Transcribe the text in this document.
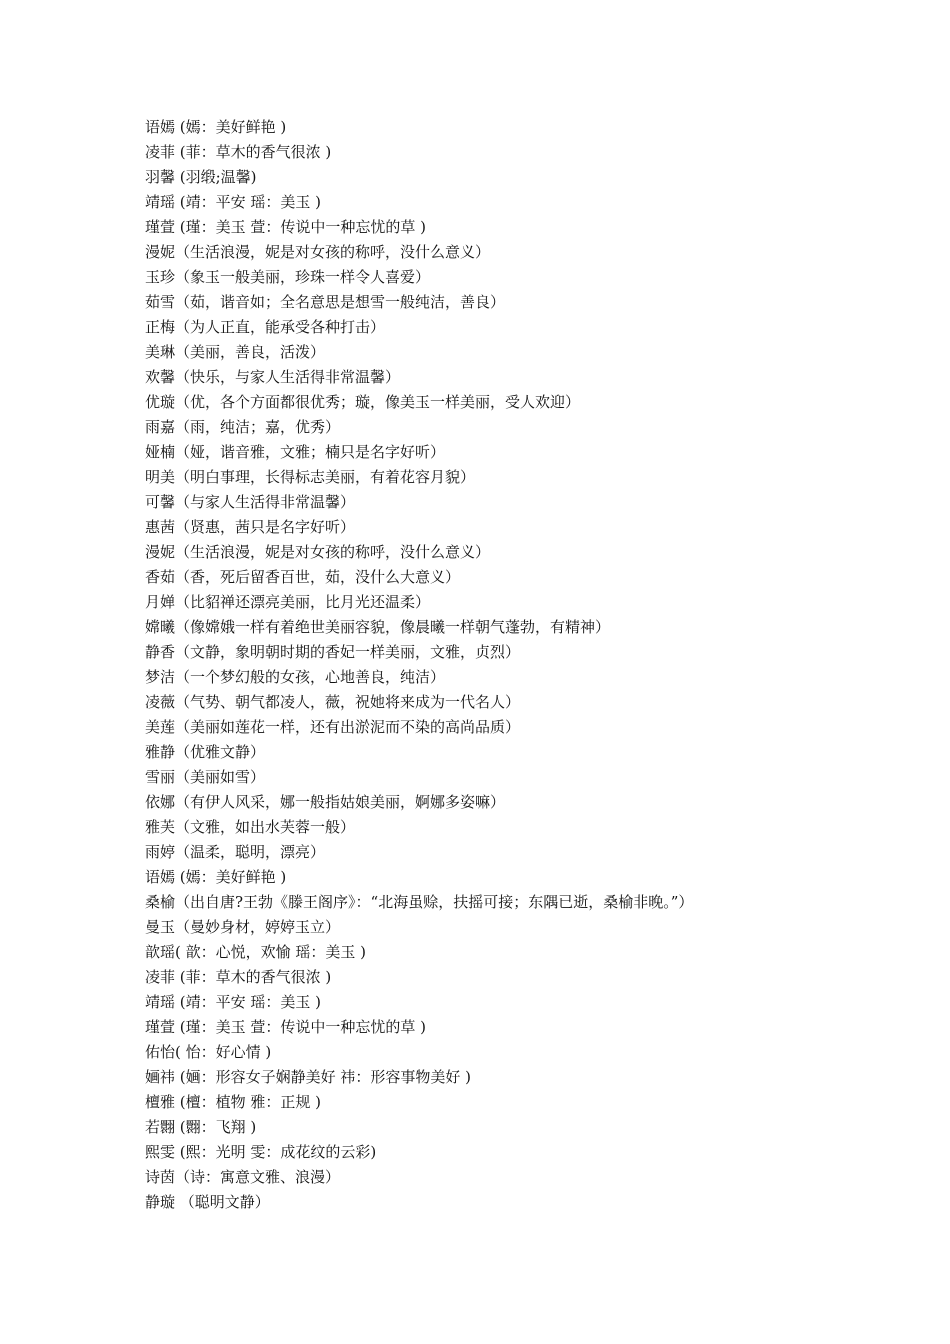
语嫣 (嫣：美好鲜艳 )
凌菲 (菲：草木的香气很浓 )
羽馨 (羽缎;温馨)
靖瑶 (靖：平安 瑶：美玉 )
瑾萱 (瑾：美玉 萱：传说中一种忘忧的草 )
漫妮（生活浪漫，妮是对女孩的称呼，没什么意义）
玉珍（象玉一般美丽，珍珠一样令人喜爱）
茹雪（茹，谐音如；全名意思是想雪一般纯洁，善良）
正梅（为人正直，能承受各种打击）
美琳（美丽，善良，活泼）
欢馨（快乐，与家人生活得非常温馨）
优璇（优，各个方面都很优秀；璇，像美玉一样美丽，受人欢迎）
雨嘉（雨，纯洁；嘉，优秀）
娅楠（娅，谐音雅，文雅；楠只是名字好听）
明美（明白事理，长得标志美丽，有着花容月貌）
可馨（与家人生活得非常温馨）
惠茜（贤惠，茜只是名字好听）
漫妮（生活浪漫，妮是对女孩的称呼，没什么意义）
香茹（香，死后留香百世，茹，没什么大意义）
月婵（比貂禅还漂亮美丽，比月光还温柔）
嫦曦（像嫦娥一样有着绝世美丽容貌，像晨曦一样朝气蓬勃，有精神）
静香（文静，象明朝时期的香妃一样美丽，文雅，贞烈）
梦洁（一个梦幻般的女孩，心地善良，纯洁）
凌薇（气势、朝气都凌人，薇，祝她将来成为一代名人）
美莲（美丽如莲花一样，还有出淤泥而不染的高尚品质）
雅静（优雅文静）
雪丽（美丽如雪）
依娜（有伊人风采，娜一般指姑娘美丽，婀娜多姿嘛）
雅芙（文雅，如出水芙蓉一般）
雨婷（温柔，聪明，漂亮）
语嫣 (嫣：美好鲜艳 )
桑榆（出自唐?王勃《滕王阁序》：“北海虽赊，扶摇可接；东隅已逝，桑榆非晚。”）
曼玉（曼妙身材，婷婷玉立）
歆瑶( 歆：心悦，欢愉 瑶：美玉 )
凌菲 (菲：草木的香气很浓 )
靖瑶 (靖：平安 瑶：美玉 )
瑾萱 (瑾：美玉 萱：传说中一种忘忧的草 )
佑怡( 怡：好心情 )
婳祎 (婳：形容女子娴静美好 祎：形容事物美好 )
檀雅 (檀：植物 雅：正规 )
若翾 (翾：飞翔 )
熙雯 (熙：光明 雯：成花纹的云彩)
诗茵（诗：寓意文雅、浪漫）
静璇 （聪明文静）
